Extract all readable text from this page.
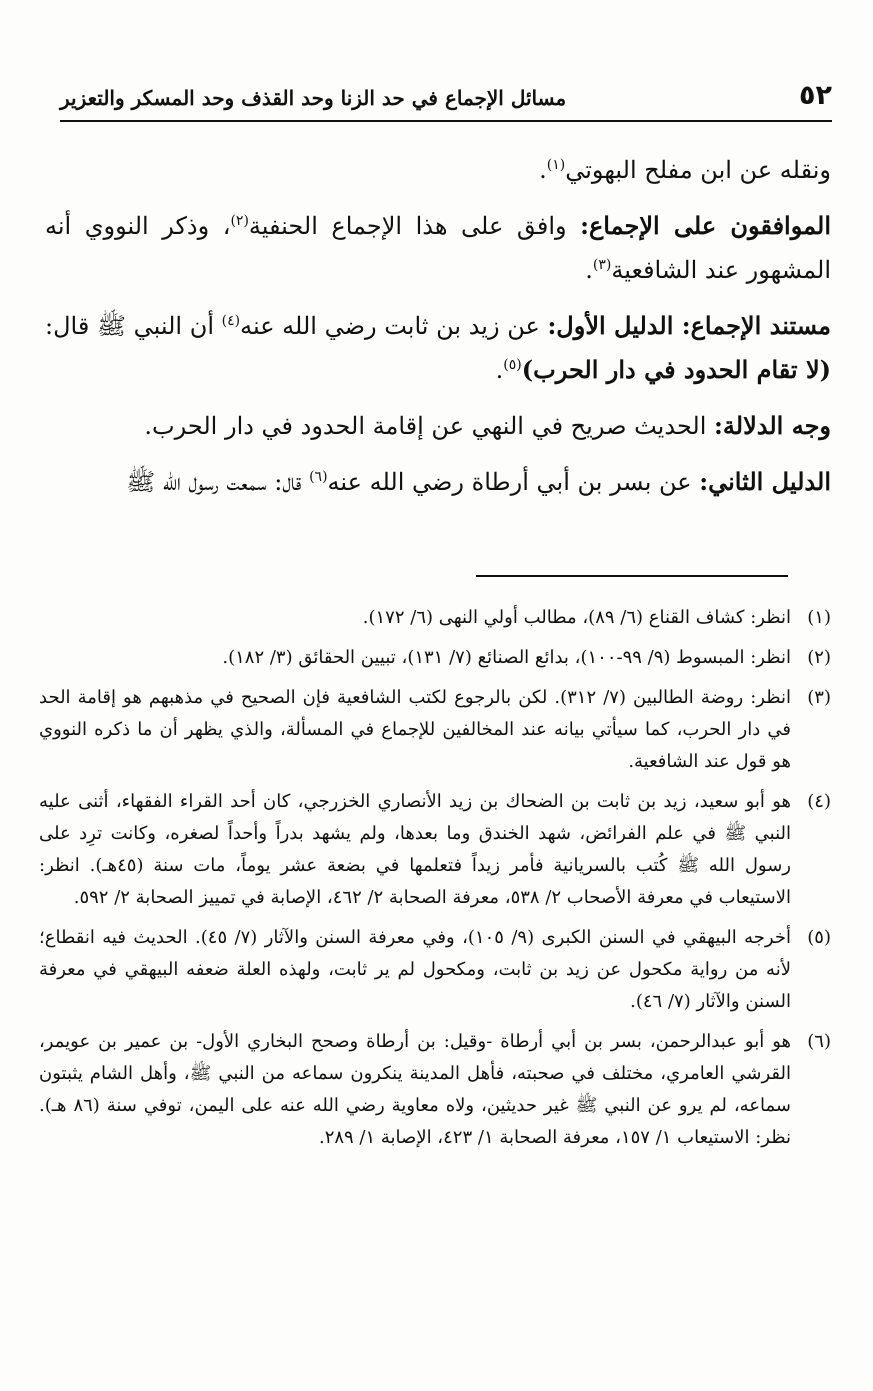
٥٢
مسائل الإجماع في حد الزنا وحد القذف وحد المسكر والتعزير

ونقله عن ابن مفلح البهوتي$^{(١)}$.

الموافقون على الإجماع: وافق على هذا الإجماع الحنفية$^{(٢)}$، وذكر النووي أنه المشهور عند الشافعية$^{(٣)}$.

مستند الإجماع: الدليل الأول: عن زيد بن ثابت رضي الله عنه$^{(٤)}$ أن النبي ﷺ قال: (لا تقام الحدود في دار الحرب)$^{(٥)}$.

وجه الدلالة: الحديث صريح في النهي عن إقامة الحدود في دار الحرب.

الدليل الثاني: عن بسر بن أبي أرطاة رضي الله عنه$^{(٦)}$ قال: سمعت رسول الله ﷺ

(١)
انظر: كشاف القناع (٦/ ٨٩)، مطالب أولي النهى (٦/ ١٧٢).
(٢)
انظر: المبسوط (٩/ ٩٩-١٠٠)، بدائع الصنائع (٧/ ١٣١)، تبيين الحقائق (٣/ ١٨٢).
(٣)
انظر: روضة الطالبين (٧/ ٣١٢). لكن بالرجوع لكتب الشافعية فإن الصحيح في مذهبهم هو إقامة الحد في دار الحرب، كما سيأتي بيانه عند المخالفين للإجماع في المسألة، والذي يظهر أن ما ذكره النووي هو قول عند الشافعية.
(٤)
هو أبو سعيد، زيد بن ثابت بن الضحاك بن زيد الأنصاري الخزرجي، كان أحد القراء الفقهاء، أثنى عليه النبي ﷺ في علم الفرائض، شهد الخندق وما بعدها، ولم يشهد بدراً وأحداً لصغره، وكانت ترِد على رسول الله ﷺ كُتب بالسريانية فأمر زيداً فتعلمها في بضعة عشر يوماً، مات سنة (٤٥هـ). انظر: الاستيعاب في معرفة الأصحاب ٢/ ٥٣٨، معرفة الصحابة ٢/ ٤٦٢، الإصابة في تمييز الصحابة ٢/ ٥٩٢.
(٥)
أخرجه البيهقي في السنن الكبرى (٩/ ١٠٥)، وفي معرفة السنن والآثار (٧/ ٤٥). الحديث فيه انقطاع؛ لأنه من رواية مكحول عن زيد بن ثابت، ومكحول لم ير ثابت، ولهذه العلة ضعفه البيهقي في معرفة السنن والآثار (٧/ ٤٦).
(٦)
هو أبو عبدالرحمن، بسر بن أبي أرطاة -وقيل: بن أرطاة وصحح البخاري الأول- بن عمير بن عويمر، القرشي العامري، مختلف في صحبته، فأهل المدينة ينكرون سماعه من النبي ﷺ، وأهل الشام يثبتون سماعه، لم يرو عن النبي ﷺ غير حديثين، ولاه معاوية رضي الله عنه على اليمن، توفي سنة (٨٦ هـ). نظر: الاستيعاب ١/ ١٥٧، معرفة الصحابة ١/ ٤٢٣، الإصابة ١/ ٢٨٩.
